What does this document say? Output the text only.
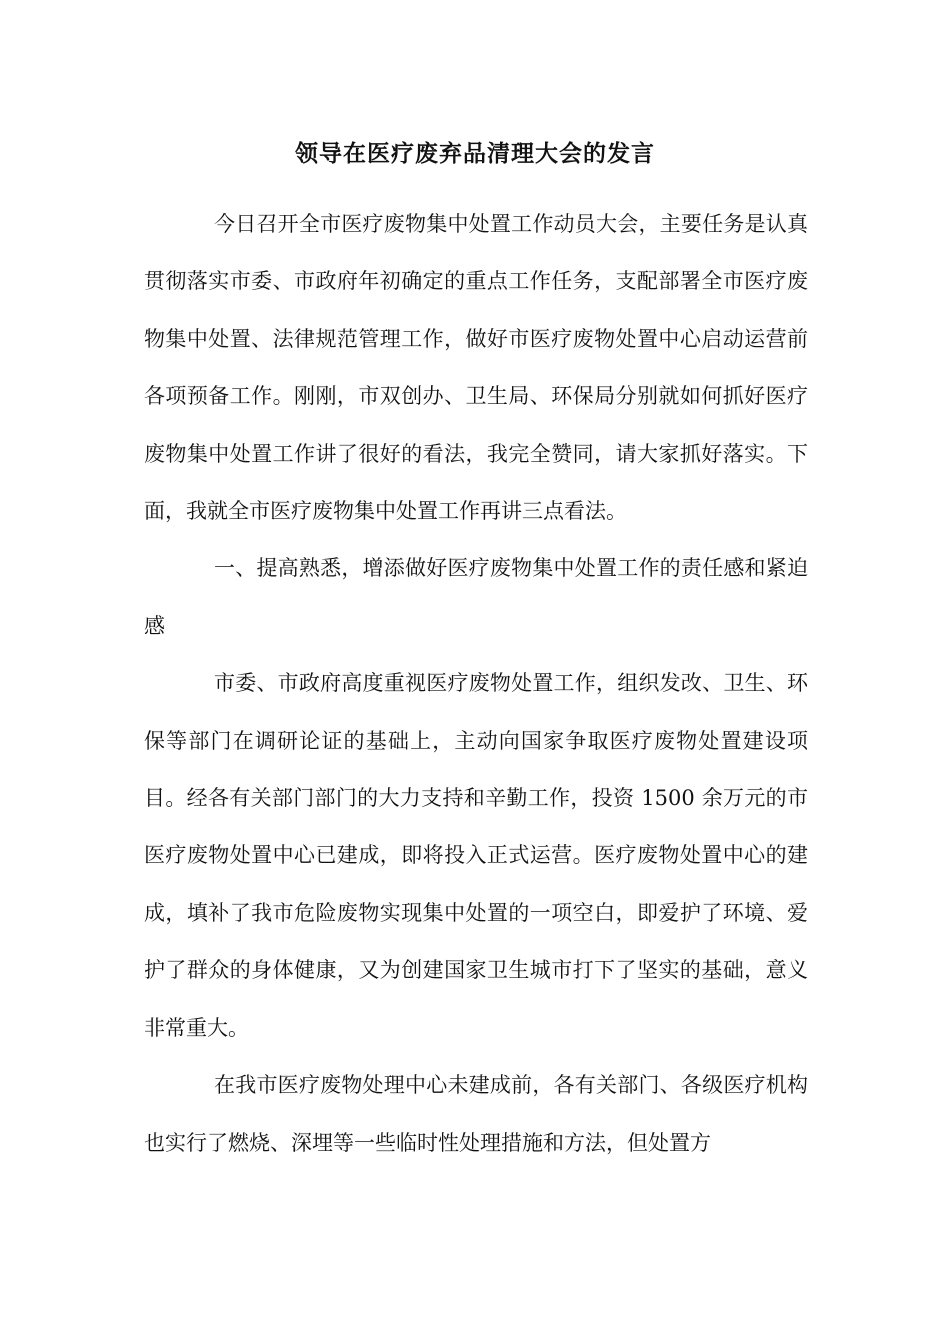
领导在医疗废弃品清理大会的发言

今日召开全市医疗废物集中处置工作动员大会，主要任务是认真贯彻落实市委、市政府年初确定的重点工作任务，支配部署全市医疗废物集中处置、法律规范管理工作，做好市医疗废物处置中心启动运营前各项预备工作。刚刚，市双创办、卫生局、环保局分别就如何抓好医疗废物集中处置工作讲了很好的看法，我完全赞同，请大家抓好落实。下面，我就全市医疗废物集中处置工作再讲三点看法。

一、提高熟悉，增添做好医疗废物集中处置工作的责任感和紧迫感

市委、市政府高度重视医疗废物处置工作，组织发改、卫生、环保等部门在调研论证的基础上，主动向国家争取医疗废物处置建设项目。经各有关部门部门的大力支持和辛勤工作，投资 1500 余万元的市医疗废物处置中心已建成，即将投入正式运营。医疗废物处置中心的建成，填补了我市危险废物实现集中处置的一项空白，即爱护了环境、爱护了群众的身体健康，又为创建国家卫生城市打下了坚实的基础，意义非常重大。

在我市医疗废物处理中心未建成前，各有关部门、各级医疗机构也实行了燃烧、深埋等一些临时性处理措施和方法，但处置方
